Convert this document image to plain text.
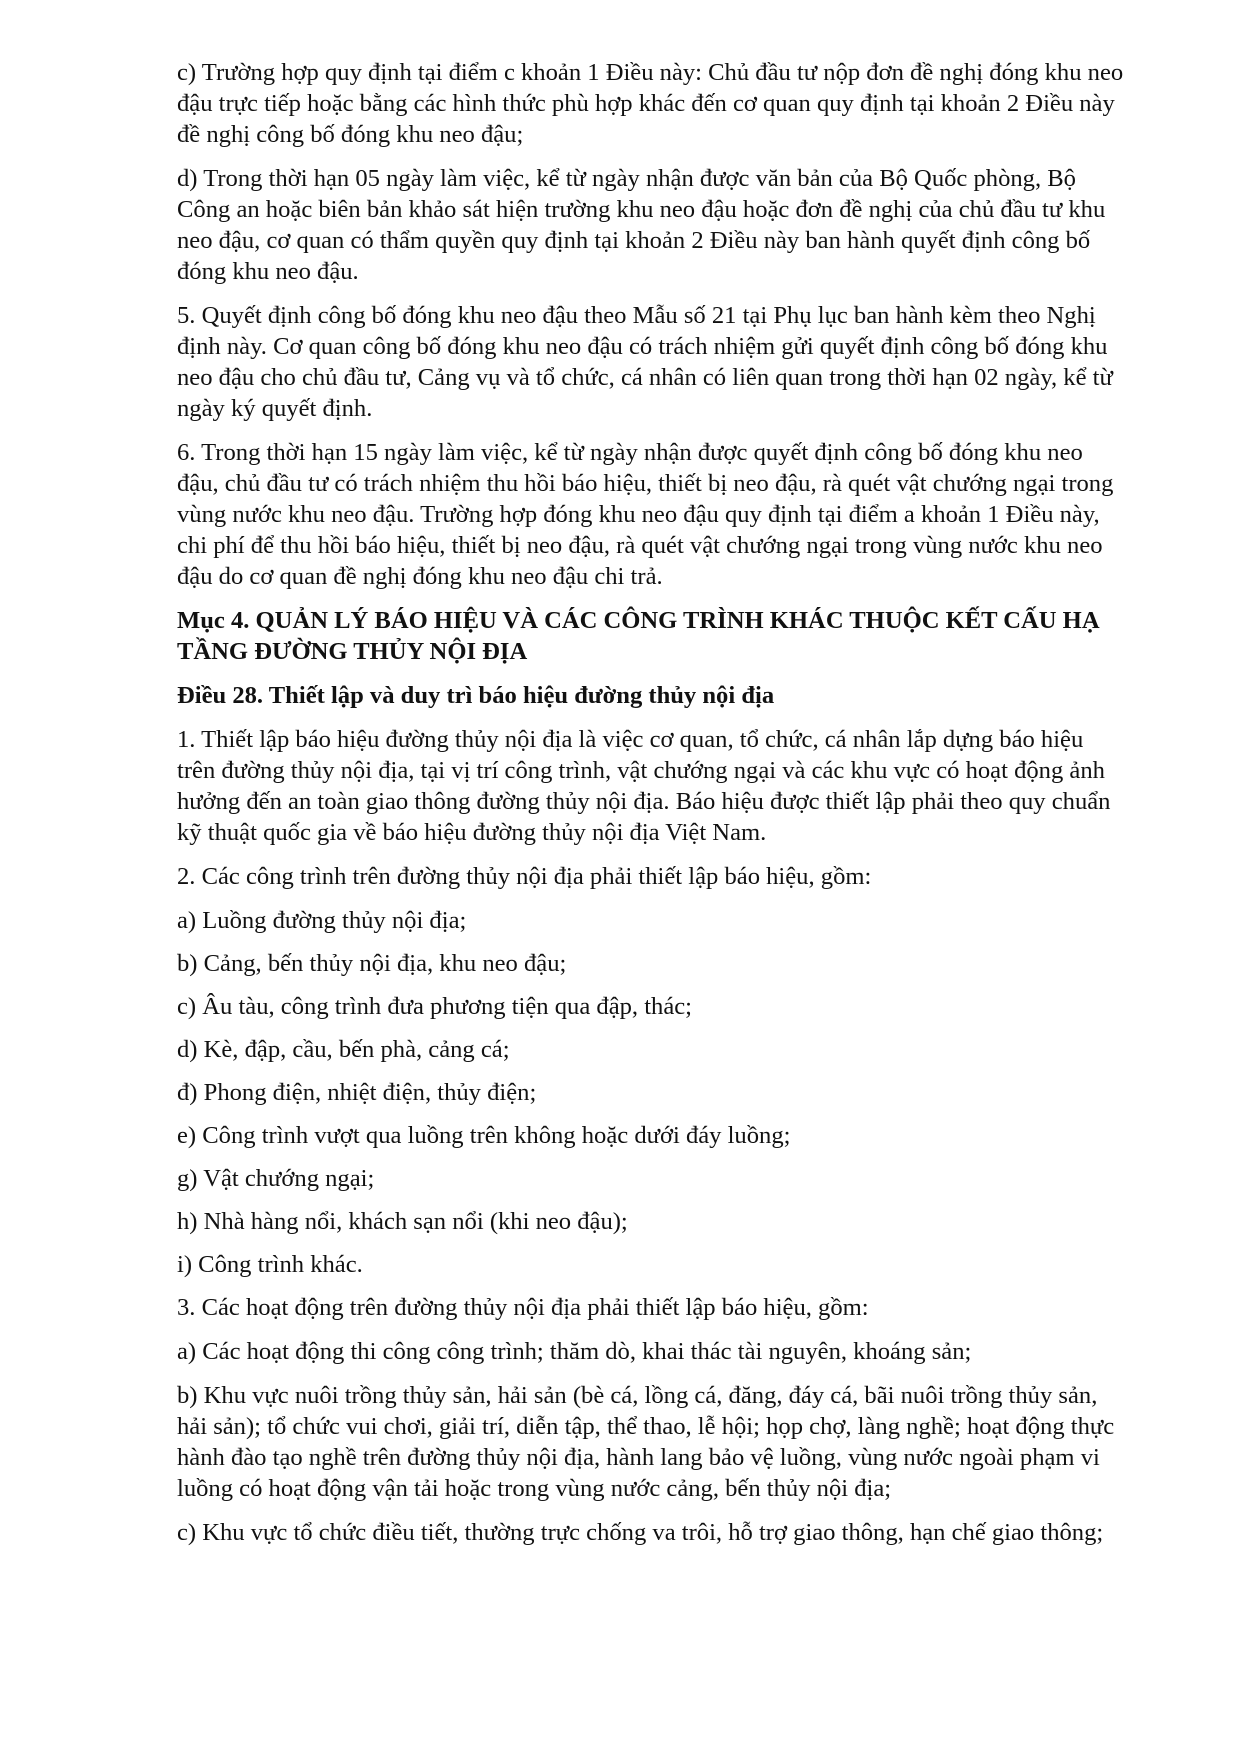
c) Trường hợp quy định tại điểm c khoản 1 Điều này: Chủ đầu tư nộp đơn đề nghị đóng khu neo đậu trực tiếp hoặc bằng các hình thức phù hợp khác đến cơ quan quy định tại khoản 2 Điều này đề nghị công bố đóng khu neo đậu;

d) Trong thời hạn 05 ngày làm việc, kể từ ngày nhận được văn bản của Bộ Quốc phòng, Bộ Công an hoặc biên bản khảo sát hiện trường khu neo đậu hoặc đơn đề nghị của chủ đầu tư khu neo đậu, cơ quan có thẩm quyền quy định tại khoản 2 Điều này ban hành quyết định công bố đóng khu neo đậu.

5. Quyết định công bố đóng khu neo đậu theo Mẫu số 21 tại Phụ lục ban hành kèm theo Nghị định này. Cơ quan công bố đóng khu neo đậu có trách nhiệm gửi quyết định công bố đóng khu neo đậu cho chủ đầu tư, Cảng vụ và tổ chức, cá nhân có liên quan trong thời hạn 02 ngày, kể từ ngày ký quyết định.

6. Trong thời hạn 15 ngày làm việc, kể từ ngày nhận được quyết định công bố đóng khu neo đậu, chủ đầu tư có trách nhiệm thu hồi báo hiệu, thiết bị neo đậu, rà quét vật chướng ngại trong vùng nước khu neo đậu. Trường hợp đóng khu neo đậu quy định tại điểm a khoản 1 Điều này, chi phí để thu hồi báo hiệu, thiết bị neo đậu, rà quét vật chướng ngại trong vùng nước khu neo đậu do cơ quan đề nghị đóng khu neo đậu chi trả.

Mục 4. QUẢN LÝ BÁO HIỆU VÀ CÁC CÔNG TRÌNH KHÁC THUỘC KẾT CẤU HẠ TẦNG ĐƯỜNG THỦY NỘI ĐỊA

Điều 28. Thiết lập và duy trì báo hiệu đường thủy nội địa

1. Thiết lập báo hiệu đường thủy nội địa là việc cơ quan, tổ chức, cá nhân lắp dựng báo hiệu trên đường thủy nội địa, tại vị trí công trình, vật chướng ngại và các khu vực có hoạt động ảnh hưởng đến an toàn giao thông đường thủy nội địa. Báo hiệu được thiết lập phải theo quy chuẩn kỹ thuật quốc gia về báo hiệu đường thủy nội địa Việt Nam.

2. Các công trình trên đường thủy nội địa phải thiết lập báo hiệu, gồm:

a) Luồng đường thủy nội địa;

b) Cảng, bến thủy nội địa, khu neo đậu;

c) Âu tàu, công trình đưa phương tiện qua đập, thác;

d) Kè, đập, cầu, bến phà, cảng cá;

đ) Phong điện, nhiệt điện, thủy điện;

e) Công trình vượt qua luồng trên không hoặc dưới đáy luồng;

g) Vật chướng ngại;

h) Nhà hàng nổi, khách sạn nổi (khi neo đậu);

i) Công trình khác.

3. Các hoạt động trên đường thủy nội địa phải thiết lập báo hiệu, gồm:

a) Các hoạt động thi công công trình; thăm dò, khai thác tài nguyên, khoáng sản;

b) Khu vực nuôi trồng thủy sản, hải sản (bè cá, lồng cá, đăng, đáy cá, bãi nuôi trồng thủy sản, hải sản); tổ chức vui chơi, giải trí, diễn tập, thể thao, lễ hội; họp chợ, làng nghề; hoạt động thực hành đào tạo nghề trên đường thủy nội địa, hành lang bảo vệ luồng, vùng nước ngoài phạm vi luồng có hoạt động vận tải hoặc trong vùng nước cảng, bến thủy nội địa;

c) Khu vực tổ chức điều tiết, thường trực chống va trôi, hỗ trợ giao thông, hạn chế giao thông;
